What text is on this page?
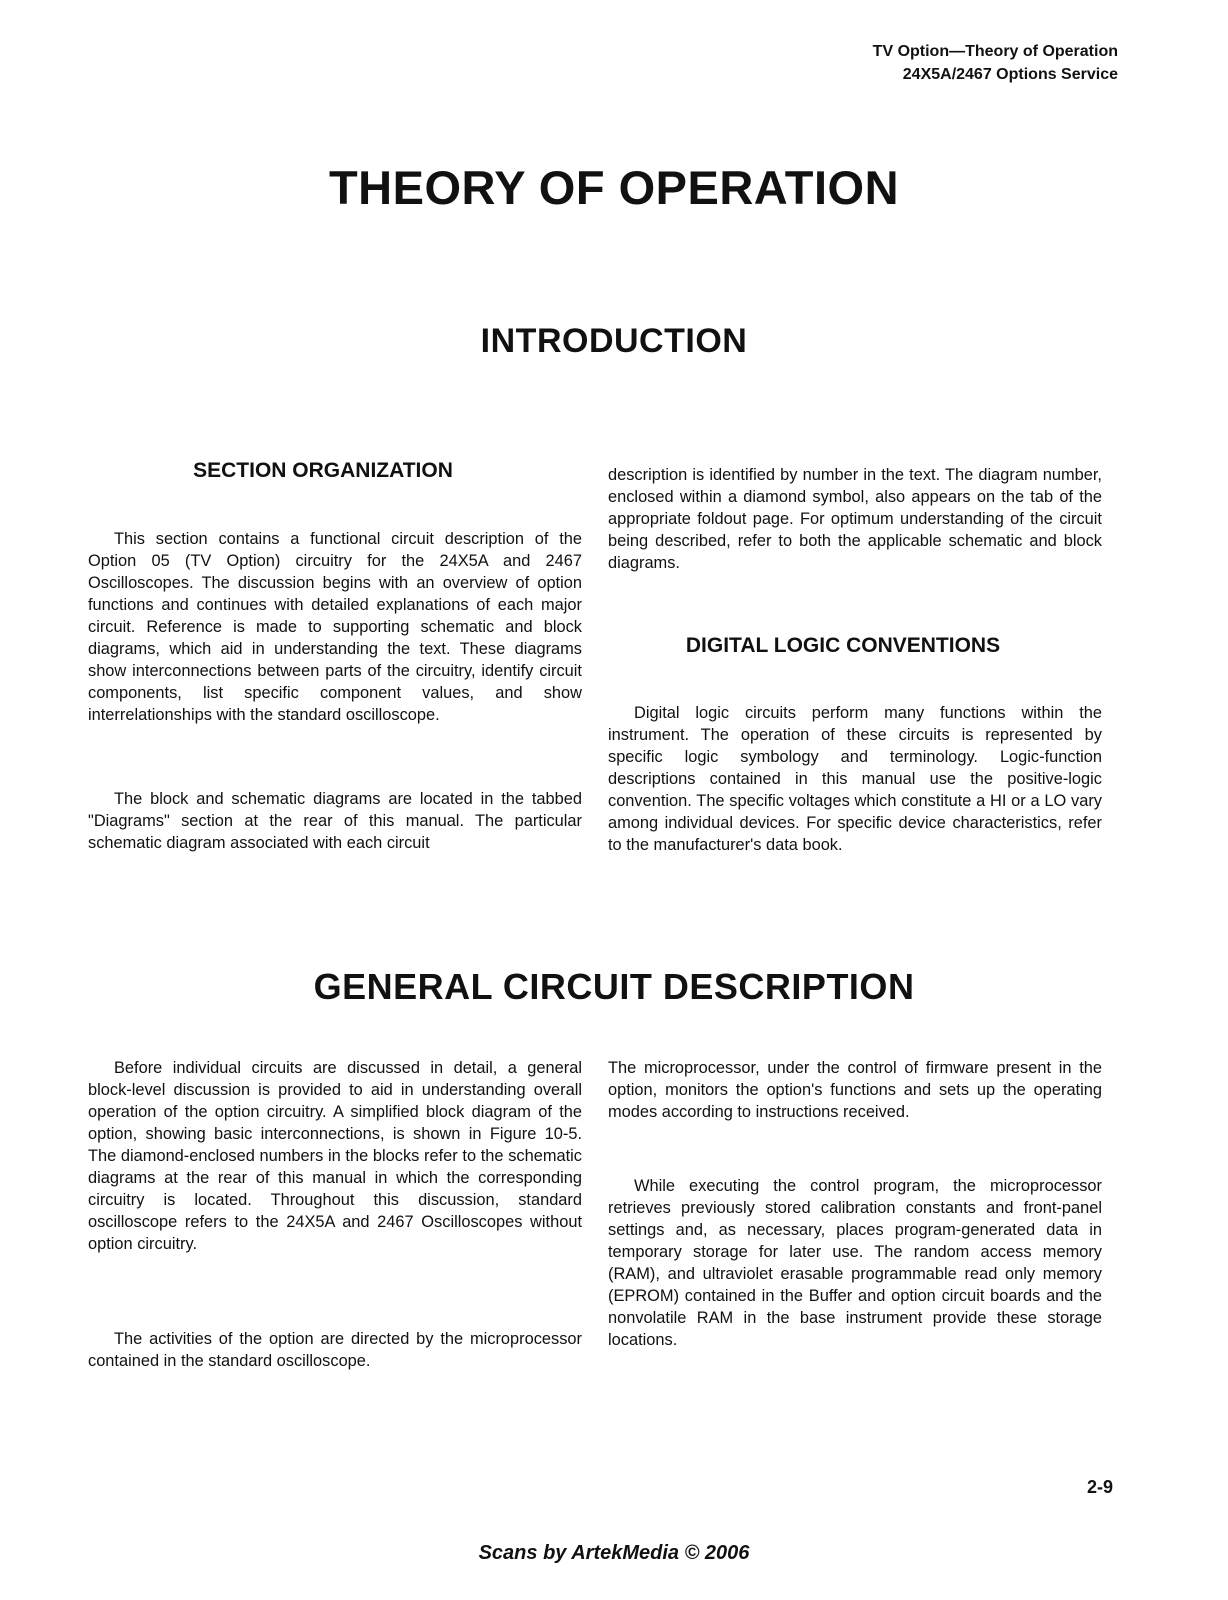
TV Option—Theory of Operation
24X5A/2467 Options Service
THEORY OF OPERATION
INTRODUCTION
SECTION ORGANIZATION

This section contains a functional circuit description of the Option 05 (TV Option) circuitry for the 24X5A and 2467 Oscilloscopes. The discussion begins with an overview of option functions and continues with detailed explanations of each major circuit. Reference is made to supporting schematic and block diagrams, which aid in understanding the text. These diagrams show interconnections between parts of the circuitry, identify circuit components, list specific component values, and show interrelationships with the standard oscilloscope.

The block and schematic diagrams are located in the tabbed "Diagrams" section at the rear of this manual. The particular schematic diagram associated with each circuit

description is identified by number in the text. The diagram number, enclosed within a diamond symbol, also appears on the tab of the appropriate foldout page. For optimum understanding of the circuit being described, refer to both the applicable schematic and block diagrams.

DIGITAL LOGIC CONVENTIONS

Digital logic circuits perform many functions within the instrument. The operation of these circuits is represented by specific logic symbology and terminology. Logic-function descriptions contained in this manual use the positive-logic convention. The specific voltages which constitute a HI or a LO vary among individual devices. For specific device characteristics, refer to the manufacturer's data book.

GENERAL CIRCUIT DESCRIPTION

Before individual circuits are discussed in detail, a general block-level discussion is provided to aid in understanding overall operation of the option circuitry. A simplified block diagram of the option, showing basic interconnections, is shown in Figure 10-5. The diamond-enclosed numbers in the blocks refer to the schematic diagrams at the rear of this manual in which the corresponding circuitry is located. Throughout this discussion, standard oscilloscope refers to the 24X5A and 2467 Oscilloscopes without option circuitry.

The activities of the option are directed by the microprocessor contained in the standard oscilloscope.

The microprocessor, under the control of firmware present in the option, monitors the option's functions and sets up the operating modes according to instructions received.

While executing the control program, the microprocessor retrieves previously stored calibration constants and front-panel settings and, as necessary, places program-generated data in temporary storage for later use. The random access memory (RAM), and ultraviolet erasable programmable read only memory (EPROM) contained in the Buffer and option circuit boards and the nonvolatile RAM in the base instrument provide these storage locations.

2-9
Scans by ArtekMedia © 2006
